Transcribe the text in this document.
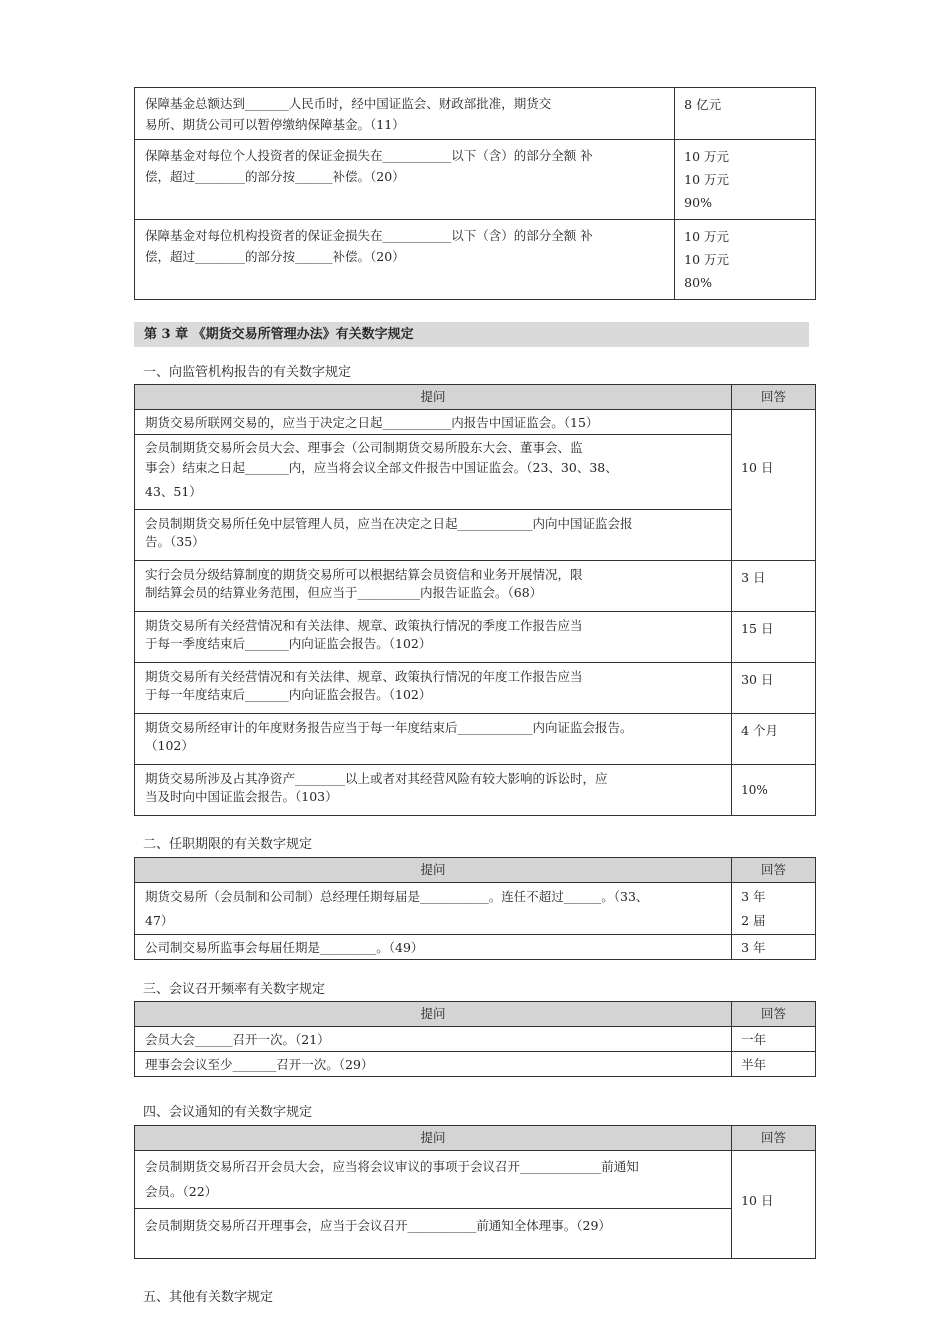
保障基金总额达到_______人民币时，经中国证监会、财政部批准，期货交
易所、期货公司可以暂停缴纳保障基金。（11）	8 亿元

保障基金对每位个人投资者的保证金损失在___________以下（含）的部分全额 补
偿，超过________的部分按______补偿。（20）	10 万元
10 万元
90%

保障基金对每位机构投资者的保证金损失在___________以下（含）的部分全额 补
偿，超过________的部分按______补偿。（20）	10 万元
10 万元
80%
第 3 章 《期货交易所管理办法》有关数字规定
一、向监管机构报告的有关数字规定
提问	回答

期货交易所联网交易的，应当于决定之日起___________内报告中国证监会。（15）	10 日

会员制期货交易所会员大会、理事会（公司制期货交易所股东大会、董事会、监
事会）结束之日起_______内，应当将会议全部文件报告中国证监会。（23、30、38、
43、51）	

会员制期货交易所任免中层管理人员，应当在决定之日起____________内向中国证监会报
告。（35）	

实行会员分级结算制度的期货交易所可以根据结算会员资信和业务开展情况，限
制结算会员的结算业务范围，但应当于__________内报告证监会。（68）	3 日

期货交易所有关经营情况和有关法律、规章、政策执行情况的季度工作报告应当
于每一季度结束后_______内向证监会报告。（102）	15 日

期货交易所有关经营情况和有关法律、规章、政策执行情况的年度工作报告应当
于每一年度结束后_______内向证监会报告。（102）	30 日

期货交易所经审计的年度财务报告应当于每一年度结束后____________内向证监会报告。
（102）	4 个月

期货交易所涉及占其净资产________以上或者对其经营风险有较大影响的诉讼时，应
当及时向中国证监会报告。（103）	10%
二、任职期限的有关数字规定
提问	回答

期货交易所（会员制和公司制）总经理任期每届是___________。连任不超过______。（33、
47）	3 年
2 届

公司制交易所监事会每届任期是_________。（49）	3 年
三、会议召开频率有关数字规定
提问	回答
会员大会______召开一次。（21）	一年
理事会会议至少_______召开一次。（29）	半年
四、会议通知的有关数字规定
提问	回答

会员制期货交易所召开会员大会，应当将会议审议的事项于会议召开_____________前通知
会员。（22）	10 日

会员制期货交易所召开理事会，应当于会议召开___________前通知全体理事。（29）	
五、其他有关数字规定
